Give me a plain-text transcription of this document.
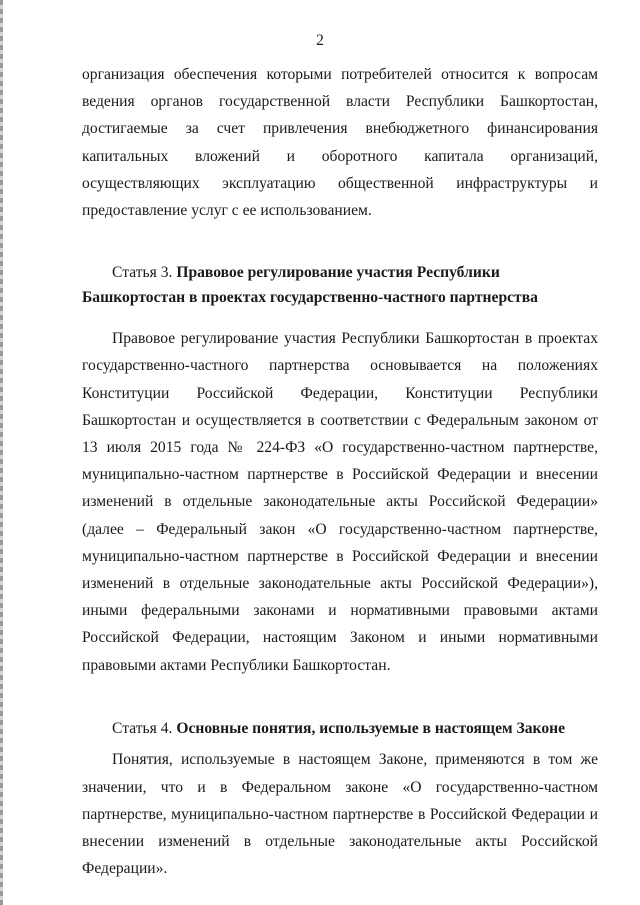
2

организация обеспечения которыми потребителей относится к вопросам ведения органов государственной власти Республики Башкортостан, достигаемые за счет привлечения внебюджетного финансирования капитальных вложений и оборотного капитала организаций, осуществляющих эксплуатацию общественной инфраструктуры и предоставление услуг с ее использованием.

Статья 3. Правовое регулирование участия Республики Башкортостан в проектах государственно-частного партнерства

Правовое регулирование участия Республики Башкортостан в проектах государственно-частного партнерства основывается на положениях Конституции Российской Федерации, Конституции Республики Башкортостан и осуществляется в соответствии с Федеральным законом от 13 июля 2015 года № 224-ФЗ «О государственно-частном партнерстве, муниципально-частном партнерстве в Российской Федерации и внесении изменений в отдельные законодательные акты Российской Федерации» (далее – Федеральный закон «О государственно-частном партнерстве, муниципально-частном партнерстве в Российской Федерации и внесении изменений в отдельные законодательные акты Российской Федерации»), иными федеральными законами и нормативными правовыми актами Российской Федерации, настоящим Законом и иными нормативными правовыми актами Республики Башкортостан.

Статья 4. Основные понятия, используемые в настоящем Законе

Понятия, используемые в настоящем Законе, применяются в том же значении, что и в Федеральном законе «О государственно-частном партнерстве, муниципально-частном партнерстве в Российской Федерации и внесении изменений в отдельные законодательные акты Российской Федерации».
